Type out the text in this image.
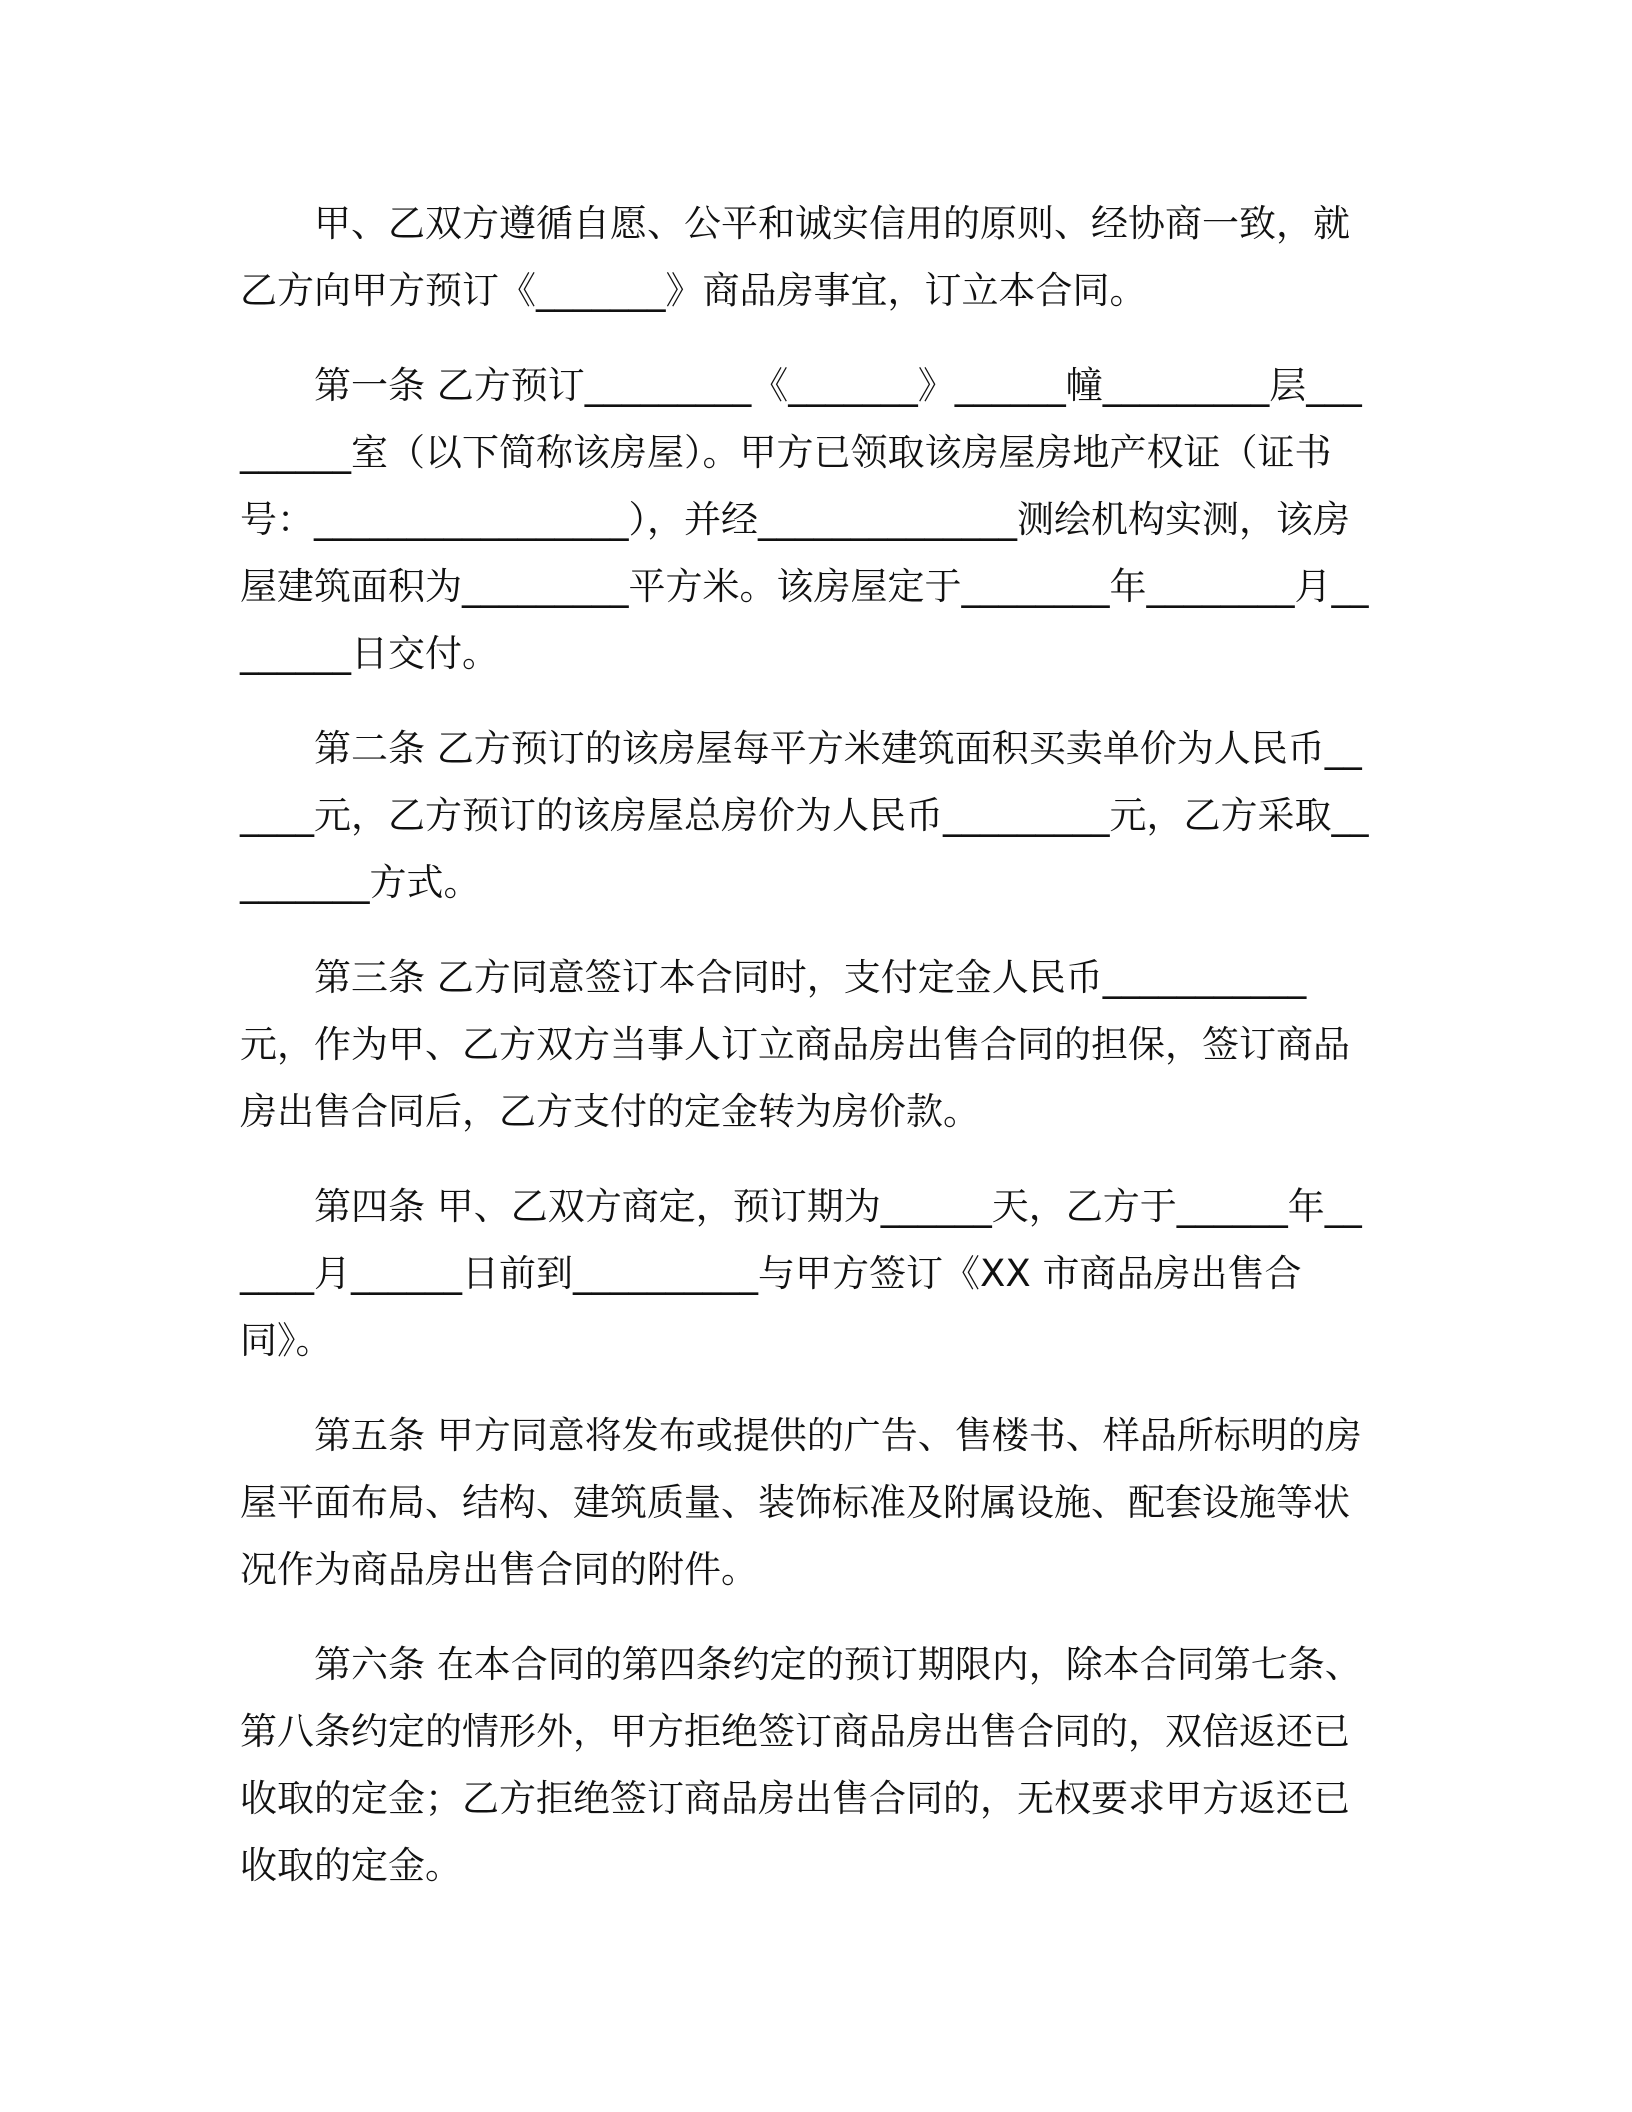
甲、乙双方遵循自愿、公平和诚实信用的原则、经协商一致，就乙方向甲方预订《_______》商品房事宜，订立本合同。

第一条 乙方预订_________《_______》______幢_________层_________室（以下简称该房屋）。甲方已领取该房屋房地产权证（证书号：_________________），并经______________测绘机构实测，该房屋建筑面积为_________平方米。该房屋定于________年________月________日交付。

第二条 乙方预订的该房屋每平方米建筑面积买卖单价为人民币______元，乙方预订的该房屋总房价为人民币_________元，乙方采取_________方式。

第三条 乙方同意签订本合同时，支付定金人民币___________元，作为甲、乙方双方当事人订立商品房出售合同的担保，签订商品房出售合同后，乙方支付的定金转为房价款。

第四条 甲、乙双方商定，预订期为______天，乙方于______年______月______日前到__________与甲方签订《XX 市商品房出售合同》。

第五条 甲方同意将发布或提供的广告、售楼书、样品所标明的房屋平面布局、结构、建筑质量、装饰标准及附属设施、配套设施等状况作为商品房出售合同的附件。

第六条 在本合同的第四条约定的预订期限内，除本合同第七条、第八条约定的情形外，甲方拒绝签订商品房出售合同的，双倍返还已收取的定金；乙方拒绝签订商品房出售合同的，无权要求甲方返还已收取的定金。
